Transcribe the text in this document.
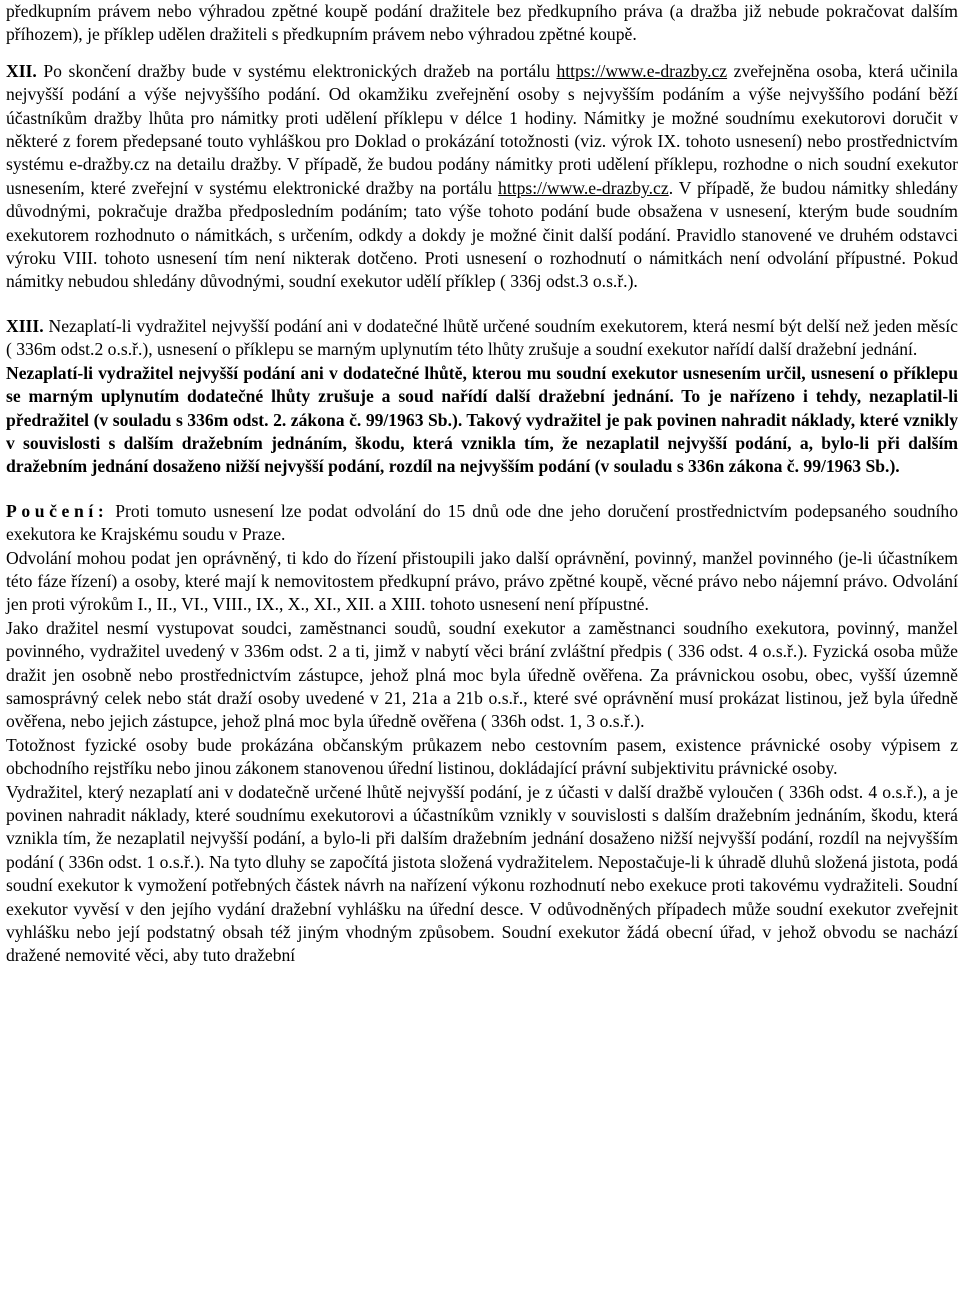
předkupním právem nebo výhradou zpětné koupě podání dražitele bez předkupního práva (a dražba již nebude pokračovat dalším příhozem), je příklep udělen dražiteli s předkupním právem nebo výhradou zpětné koupě.

XII. Po skončení dražby bude v systému elektronických dražeb na portálu https://www.e-drazby.cz zveřejněna osoba, která učinila nejvyšší podání a výše nejvyššího podání. Od okamžiku zveřejnění osoby s nejvyšším podáním a výše nejvyššího podání běží účastníkům dražby lhůta pro námitky proti udělení příklepu v délce 1 hodiny. Námitky je možné soudnímu exekutorovi doručit v některé z forem předepsané touto vyhláškou pro Doklad o prokázání totožnosti (viz. výrok IX. tohoto usnesení) nebo prostřednictvím systému e-dražby.cz na detailu dražby. V případě, že budou podány námitky proti udělení příklepu, rozhodne o nich soudní exekutor usnesením, které zveřejní v systému elektronické dražby na portálu https://www.e-drazby.cz. V případě, že budou námitky shledány důvodnými, pokračuje dražba předposledním podáním; tato výše tohoto podání bude obsažena v usnesení, kterým bude soudním exekutorem rozhodnuto o námitkách, s určením, odkdy a dokdy je možné činit další podání. Pravidlo stanovené ve druhém odstavci výroku VIII. tohoto usnesení tím není nikterak dotčeno. Proti usnesení o rozhodnutí o námitkách není odvolání přípustné. Pokud námitky nebudou shledány důvodnými, soudní exekutor udělí příklep ( 336j odst.3 o.s.ř.).

XIII. Nezaplatí-li vydražitel nejvyšší podání ani v dodatečné lhůtě určené soudním exekutorem, která nesmí být delší než jeden měsíc ( 336m odst.2 o.s.ř.), usnesení o příklepu se marným uplynutím této lhůty zrušuje a soudní exekutor nařídí další dražební jednání.

Nezaplatí-li vydražitel nejvyšší podání ani v dodatečné lhůtě, kterou mu soudní exekutor usnesením určil, usnesení o příklepu se marným uplynutím dodatečné lhůty zrušuje a soud nařídí další dražební jednání. To je nařízeno i tehdy, nezaplatil-li předražitel (v souladu s 336m odst. 2. zákona č. 99/1963 Sb.). Takový vydražitel je pak povinen nahradit náklady, které vznikly v souvislosti s dalším dražebním jednáním, škodu, která vznikla tím, že nezaplatil nejvyšší podání, a, bylo-li při dalším dražebním jednání dosaženo nižší nejvyšší podání, rozdíl na nejvyšším podání (v souladu s 336n zákona č. 99/1963 Sb.).

Poučení: Proti tomuto usnesení lze podat odvolání do 15 dnů ode dne jeho doručení prostřednictvím podepsaného soudního exekutora ke Krajskému soudu v Praze.

Odvolání mohou podat jen oprávněný, ti kdo do řízení přistoupili jako další oprávnění, povinný, manžel povinného (je-li účastníkem této fáze řízení) a osoby, které mají k nemovitostem předkupní právo, právo zpětné koupě, věcné právo nebo nájemní právo. Odvolání jen proti výrokům I., II., VI., VIII., IX., X., XI., XII. a XIII. tohoto usnesení není přípustné.

Jako dražitel nesmí vystupovat soudci, zaměstnanci soudů, soudní exekutor a zaměstnanci soudního exekutora, povinný, manžel povinného, vydražitel uvedený v 336m odst. 2 a ti, jimž v nabytí věci brání zvláštní předpis ( 336 odst. 4 o.s.ř.). Fyzická osoba může dražit jen osobně nebo prostřednictvím zástupce, jehož plná moc byla úředně ověřena. Za právnickou osobu, obec, vyšší územně samosprávný celek nebo stát draží osoby uvedené v 21, 21a a 21b o.s.ř., které své oprávnění musí prokázat listinou, jež byla úředně ověřena, nebo jejich zástupce, jehož plná moc byla úředně ověřena ( 336h odst. 1, 3 o.s.ř.).

Totožnost fyzické osoby bude prokázána občanským průkazem nebo cestovním pasem, existence právnické osoby výpisem z obchodního rejstříku nebo jinou zákonem stanovenou úřední listinou, dokládající právní subjektivitu právnické osoby.

Vydražitel, který nezaplatí ani v dodatečně určené lhůtě nejvyšší podání, je z účasti v další dražbě vyloučen ( 336h odst. 4 o.s.ř.), a je povinen nahradit náklady, které soudnímu exekutorovi a účastníkům vznikly v souvislosti s dalším dražebním jednáním, škodu, která vznikla tím, že nezaplatil nejvyšší podání, a bylo-li při dalším dražebním jednání dosaženo nižší nejvyšší podání, rozdíl na nejvyšším podání ( 336n odst. 1 o.s.ř.). Na tyto dluhy se započítá jistota složená vydražitelem. Nepostačuje-li k úhradě dluhů složená jistota, podá soudní exekutor k vymožení potřebných částek návrh na nařízení výkonu rozhodnutí nebo exekuce proti takovému vydražiteli. Soudní exekutor vyvěsí v den jejího vydání dražební vyhlášku na úřední desce. V odůvodněných případech může soudní exekutor zveřejnit vyhlášku nebo její podstatný obsah též jiným vhodným způsobem. Soudní exekutor žádá obecní úřad, v jehož obvodu se nachází dražené nemovité věci, aby tuto dražební
